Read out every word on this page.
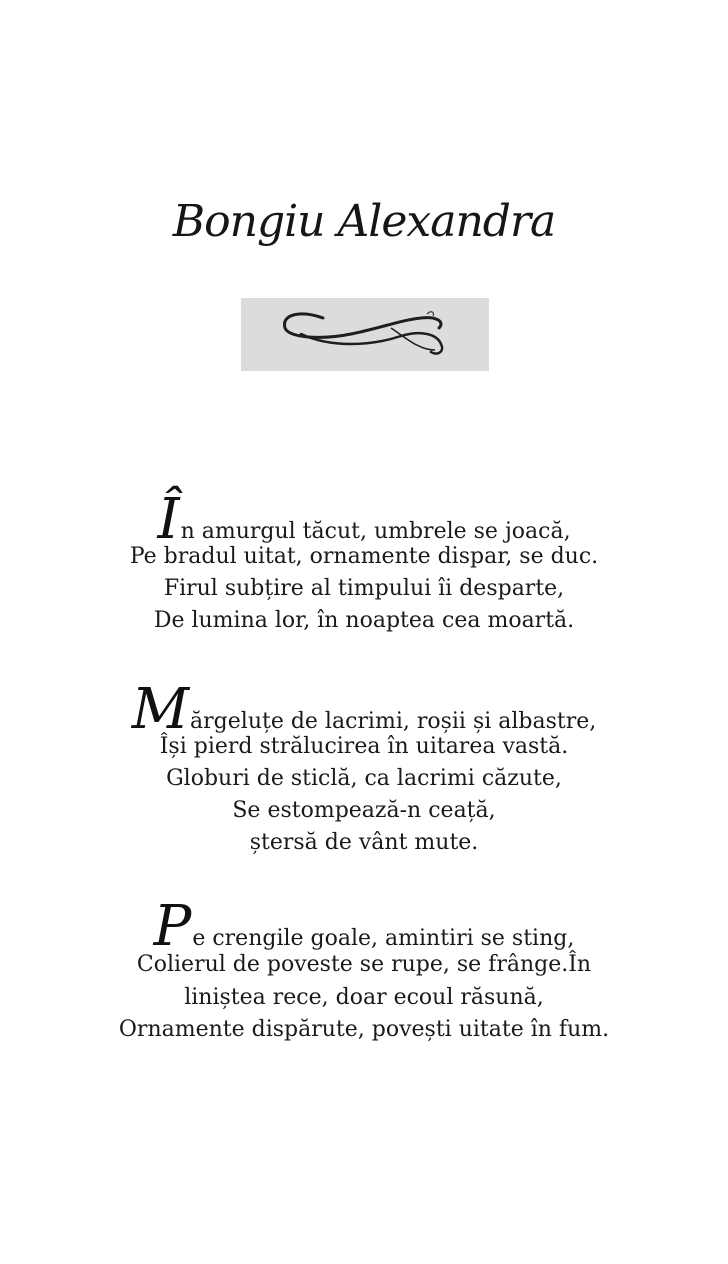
Bongiu Alexandra
În amurgul tăcut, umbrele se joacă,
Pe bradul uitat, ornamente dispar, se duc.
Firul subțire al timpului îi desparte,
De lumina lor, în noaptea cea moartă.
Mărgeluțe de lacrimi, roșii și albastre,
Își pierd strălucirea în uitarea vastă.
Globuri de sticlă, ca lacrimi căzute,
Se estompează-n ceață,
ștersă de vânt mute.
Pe crengile goale, amintiri se sting,
Colierul de poveste se rupe, se frânge.În
liniștea rece, doar ecoul răsună,
Ornamente dispărute, povești uitate în fum.
